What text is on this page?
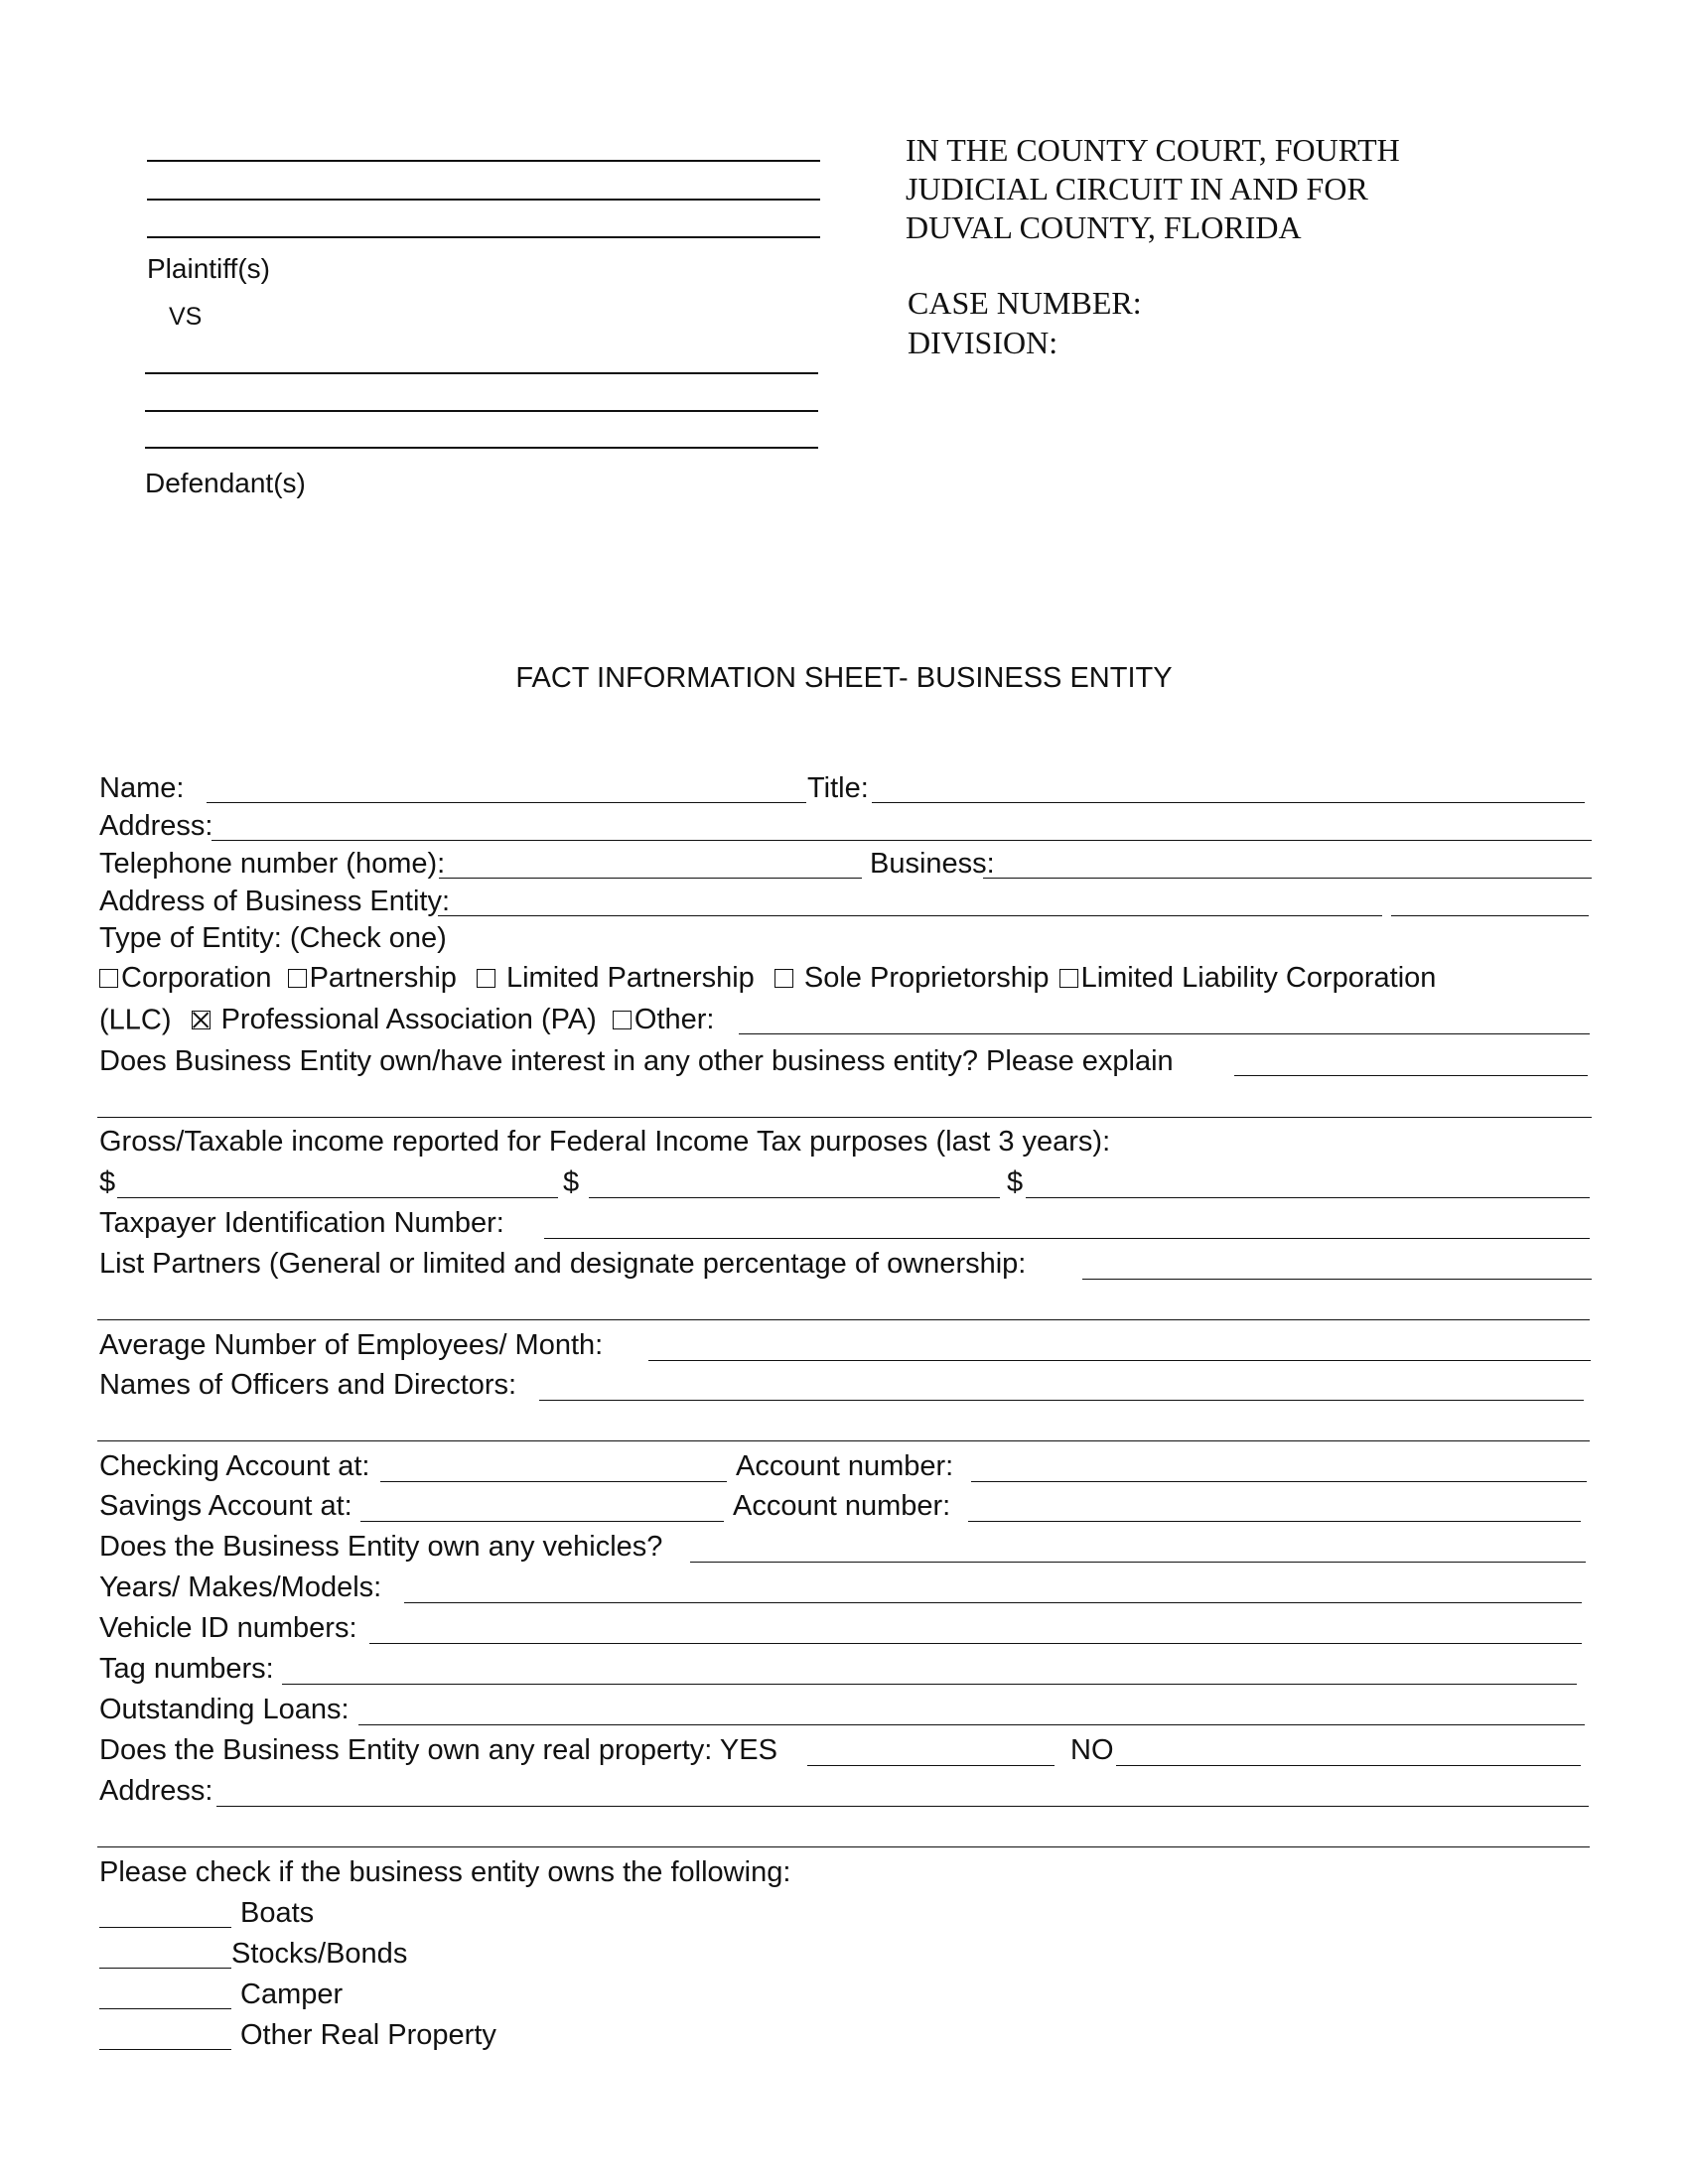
Plaintiff(s)
VS
Defendant(s)
IN THE COUNTY COURT, FOURTH
JUDICIAL CIRCUIT IN AND FOR
DUVAL COUNTY, FLORIDA
CASE NUMBER:
DIVISION:
FACT INFORMATION SHEET- BUSINESS ENTITY
Name:	Title:
Address:
Telephone number (home):	Business:
Address of Business Entity:
Type of Entity: (Check one)
Corporation
Partnership
Limited Partnership
Sole Proprietorship
Limited Liability Corporation
(LLC) Professional Association (PA)
Other:
Does Business Entity own/have interest in any other business entity? Please explain
Gross/Taxable income reported for Federal Income Tax purposes (last 3 years):
$	$	$
Taxpayer Identification Number:
List Partners (General or limited and designate percentage of ownership:
Average Number of Employees/ Month:
Names of Officers and Directors:
Checking Account at:	Account number:
Savings Account at:	Account number:
Does the Business Entity own any vehicles?
Years/ Makes/Models:
Vehicle ID numbers:
Tag numbers:
Outstanding Loans:
Does the Business Entity own any real property: YES	NO
Address:
Please check if the business entity owns the following:
Boats
Stocks/Bonds
Camper
Other Real Property
